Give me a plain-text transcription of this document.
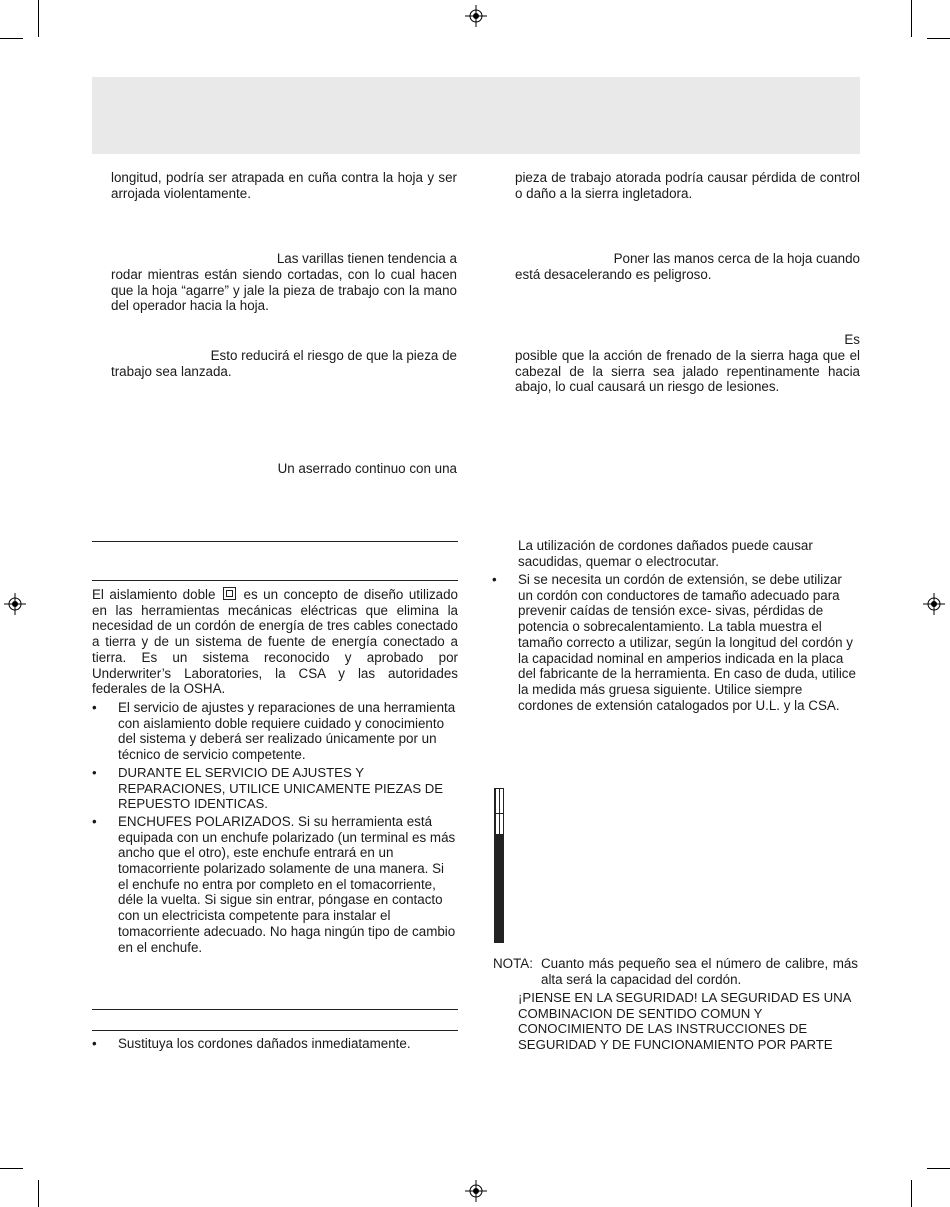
longitud, podría ser atrapada en cuña contra la hoja y ser arrojada violentamente.

Las varillas tienen tendencia a

rodar mientras están siendo cortadas, con lo cual hacen que la hoja “agarre” y jale la pieza de trabajo con la mano del operador hacia la hoja.

Esto reducirá el riesgo de que la pieza de

trabajo sea lanzada.

Un aserrado continuo con una

El aislamiento doble es un concepto de diseño utilizado en las herramientas mecánicas eléctricas que elimina la necesidad de un cordón de energía de tres cables conectado a tierra y de un sistema de fuente de energía conectado a tierra. Es un sistema reconocido y aprobado por Underwriter’s Laboratories, la CSA y las autoridades federales de la OSHA.

• El servicio de ajustes y reparaciones de una herramienta con aislamiento doble requiere cuidado y conocimiento del sistema y deberá ser realizado únicamente por un técnico de servicio competente.
• DURANTE EL SERVICIO DE AJUSTES Y REPARACIONES, UTILICE UNICAMENTE PIEZAS DE REPUESTO IDENTICAS.
• ENCHUFES POLARIZADOS. Si su herramienta está equipada con un enchufe polarizado (un terminal es más ancho que el otro), este enchufe entrará en un tomacorriente polarizado solamente de una manera. Si el enchufe no entra por completo en el tomacorriente, déle la vuelta. Si sigue sin entrar, póngase en contacto con un electricista competente para instalar el tomacorriente adecuado. No haga ningún tipo de cambio en el enchufe.
• Sustituya los cordones dañados inmediatamente.

pieza de trabajo atorada podría causar pérdida de control o daño a la sierra ingletadora.

Poner las manos cerca de la hoja cuando

está desacelerando es peligroso.

Es

posible que la acción de frenado de la sierra haga que el cabezal de la sierra sea jalado repentinamente hacia abajo, lo cual causará un riesgo de lesiones.

La utilización de cordones dañados puede causar sacudidas, quemar o electrocutar.

• Si se necesita un cordón de extensión, se debe utilizar un cordón con conductores de tamaño adecuado para prevenir caídas de tensión exce- sivas, pérdidas de potencia o sobrecalentamiento. La tabla muestra el tamaño correcto a utilizar, según la longitud del cordón y la capacidad nominal en amperios indicada en la placa del fabricante de la herramienta. En caso de duda, utilice la medida más gruesa siguiente. Utilice siempre cordones de extensión catalogados por U.L. y la CSA.

NOTA: Cuanto más pequeño sea el número de calibre, más alta será la capacidad del cordón.

¡PIENSE EN LA SEGURIDAD! LA SEGURIDAD ES UNA COMBINACION DE SENTIDO COMUN Y CONOCIMIENTO DE LAS INSTRUCCIONES DE SEGURIDAD Y DE FUNCIONAMIENTO POR PARTE
